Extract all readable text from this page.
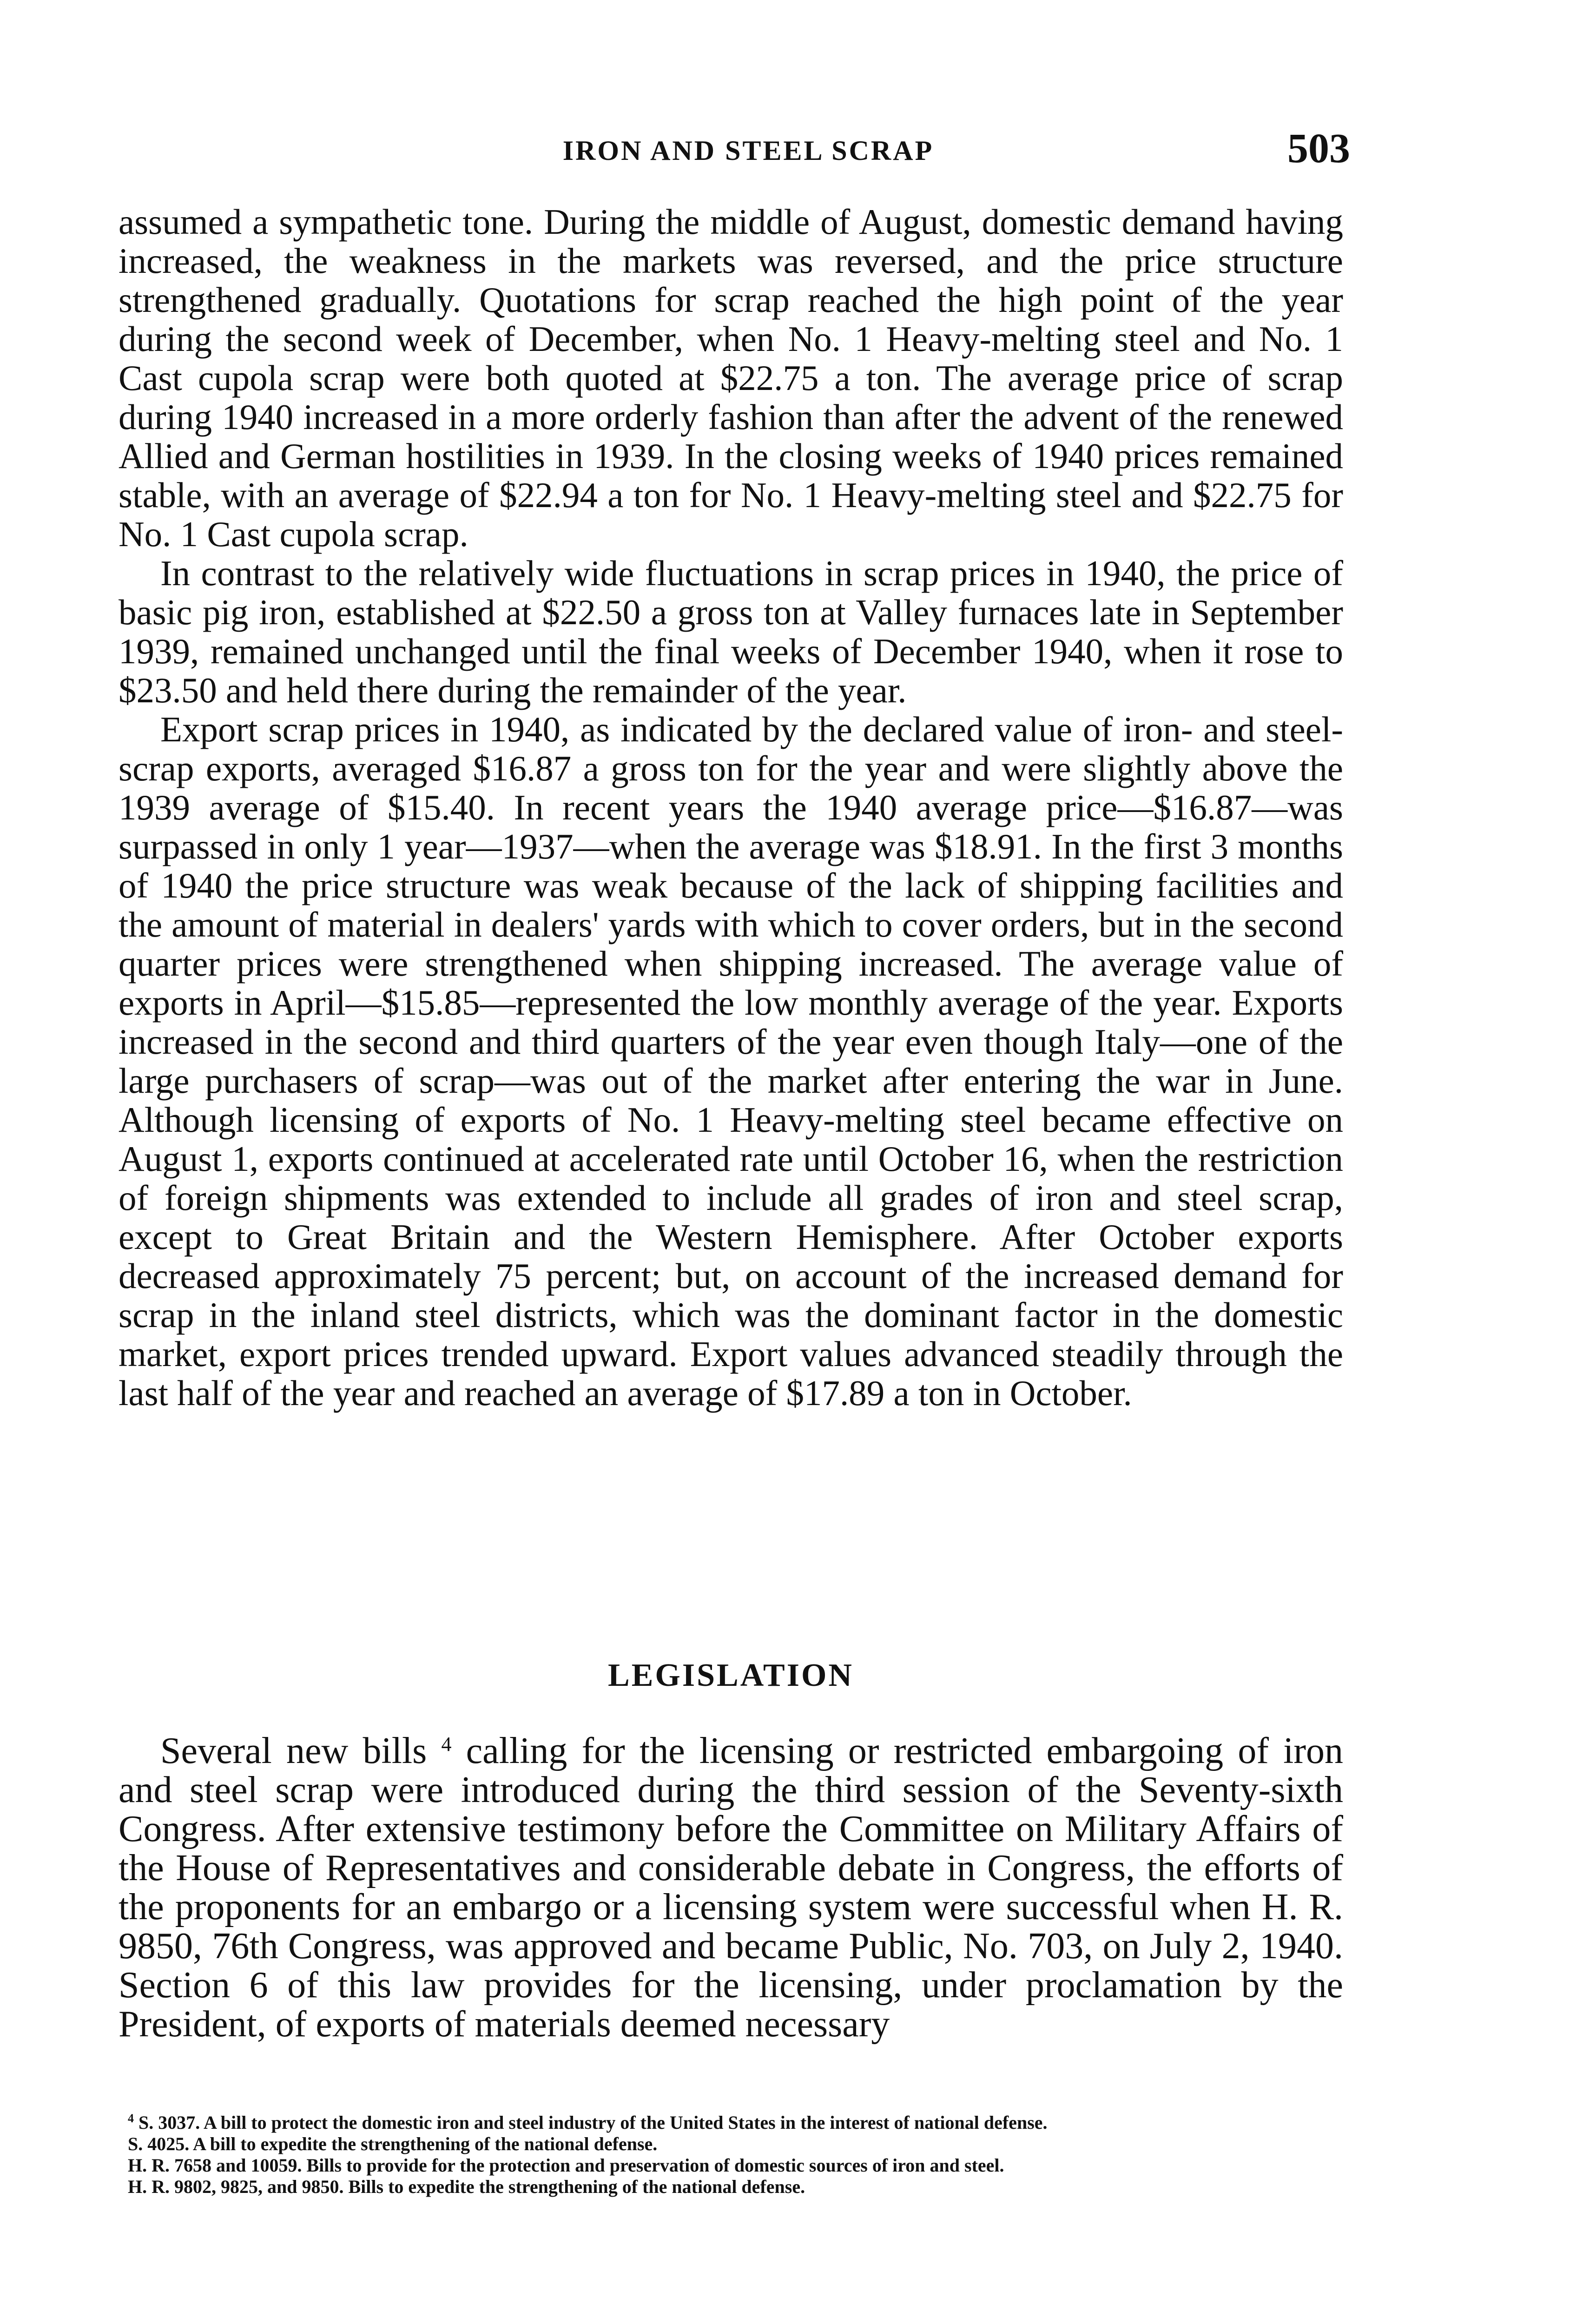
IRON AND STEEL SCRAP	503

assumed a sympathetic tone. During the middle of August, domestic demand having increased, the weakness in the markets was reversed, and the price structure strengthened gradually. Quotations for scrap reached the high point of the year during the second week of December, when No. 1 Heavy-melting steel and No. 1 Cast cupola scrap were both quoted at $22.75 a ton. The average price of scrap during 1940 increased in a more orderly fashion than after the advent of the renewed Allied and German hostilities in 1939. In the closing weeks of 1940 prices remained stable, with an average of $22.94 a ton for No. 1 Heavy-melting steel and $22.75 for No. 1 Cast cupola scrap.

In contrast to the relatively wide fluctuations in scrap prices in 1940, the price of basic pig iron, established at $22.50 a gross ton at Valley furnaces late in September 1939, remained unchanged until the final weeks of December 1940, when it rose to $23.50 and held there during the remainder of the year.

Export scrap prices in 1940, as indicated by the declared value of iron- and steel-scrap exports, averaged $16.87 a gross ton for the year and were slightly above the 1939 average of $15.40. In recent years the 1940 average price—$16.87—was surpassed in only 1 year—1937—when the average was $18.91. In the first 3 months of 1940 the price structure was weak because of the lack of shipping facilities and the amount of material in dealers' yards with which to cover orders, but in the second quarter prices were strengthened when shipping increased. The average value of exports in April—$15.85—represented the low monthly average of the year. Exports increased in the second and third quarters of the year even though Italy—one of the large purchasers of scrap—was out of the market after entering the war in June. Although licensing of exports of No. 1 Heavy-melting steel became effective on August 1, exports continued at accelerated rate until October 16, when the restriction of foreign shipments was extended to include all grades of iron and steel scrap, except to Great Britain and the Western Hemisphere. After October exports decreased approximately 75 percent; but, on account of the increased demand for scrap in the inland steel districts, which was the dominant factor in the domestic market, export prices trended upward. Export values advanced steadily through the last half of the year and reached an average of $17.89 a ton in October.

LEGISLATION

Several new bills $^4$ calling for the licensing or restricted embargoing of iron and steel scrap were introduced during the third session of the Seventy-sixth Congress. After extensive testimony before the Committee on Military Affairs of the House of Representatives and considerable debate in Congress, the efforts of the proponents for an embargo or a licensing system were successful when H. R. 9850, 76th Congress, was approved and became Public, No. 703, on July 2, 1940. Section 6 of this law provides for the licensing, under proclamation by the President, of exports of materials deemed necessary

$^4$ S. 3037. A bill to protect the domestic iron and steel industry of the United States in the interest of national defense.

S. 4025. A bill to expedite the strengthening of the national defense.

H. R. 7658 and 10059. Bills to provide for the protection and preservation of domestic sources of iron and steel.

H. R. 9802, 9825, and 9850. Bills to expedite the strengthening of the national defense.
